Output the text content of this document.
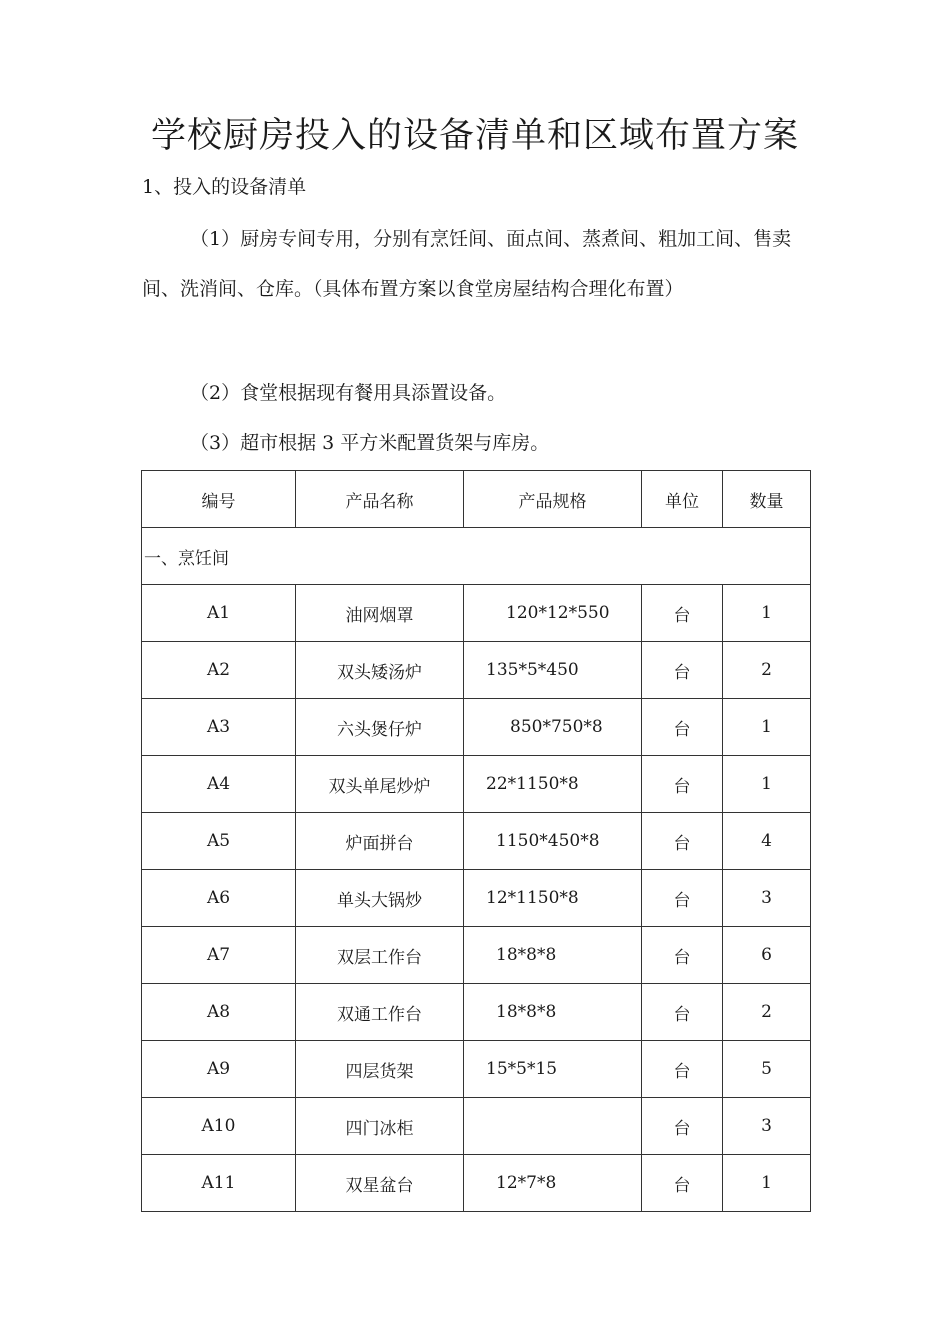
学校厨房投入的设备清单和区域布置方案
1、投入的设备清单

（1）厨房专间专用，分别有烹饪间、面点间、蒸煮间、粗加工间、售卖间、洗消间、仓库。（具体布置方案以食堂房屋结构合理化布置）

（2）食堂根据现有餐用具添置设备。

（3）超市根据 3 平方米配置货架与库房。

编号	产品名称	产品规格	单位	数量
一、烹饪间				
A1	油网烟罩	120*12*550	台	1
A2	双头矮汤炉	135*5*450	台	2
A3	六头煲仔炉	850*750*8	台	1
A4	双头单尾炒炉	22*1150*8	台	1
A5	炉面拼台	1150*450*8	台	4
A6	单头大锅炒	12*1150*8	台	3
A7	双层工作台	18*8*8	台	6
A8	双通工作台	18*8*8	台	2
A9	四层货架	15*5*15	台	5
A10	四门冰柜		台	3
A11	双星盆台	12*7*8	台	1
